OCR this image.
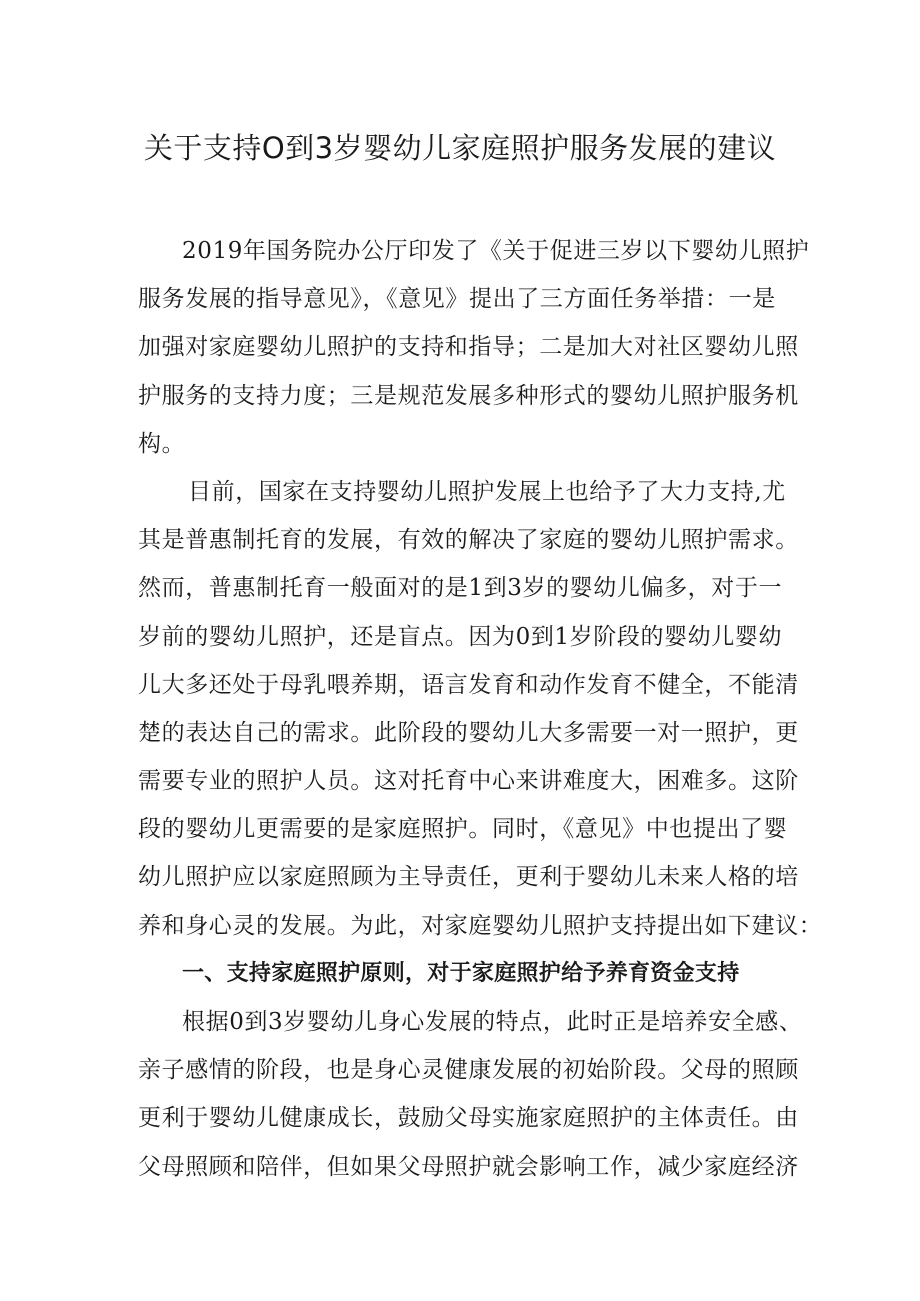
关于支持O到3岁婴幼儿家庭照护服务发展的建议
2019年国务院办公厅印发了《关于促进三岁以下婴幼儿照护
服务发展的指导意见》，《意见》提出了三方面任务举措：一是
加强对家庭婴幼儿照护的支持和指导；二是加大对社区婴幼儿照
护服务的支持力度；三是规范发展多种形式的婴幼儿照护服务机
构。
目前，国家在支持婴幼儿照护发展上也给予了大力支持,尤
其是普惠制托育的发展，有效的解决了家庭的婴幼儿照护需求。
然而，普惠制托育一般面对的是1到3岁的婴幼儿偏多，对于一
岁前的婴幼儿照护，还是盲点。因为0到1岁阶段的婴幼儿婴幼
儿大多还处于母乳喂养期，语言发育和动作发育不健全，不能清
楚的表达自己的需求。此阶段的婴幼儿大多需要一对一照护，更
需要专业的照护人员。这对托育中心来讲难度大，困难多。这阶
段的婴幼儿更需要的是家庭照护。同时，《意见》中也提出了婴
幼儿照护应以家庭照顾为主导责任，更利于婴幼儿未来人格的培
养和身心灵的发展。为此，对家庭婴幼儿照护支持提出如下建议：
一、支持家庭照护原则，对于家庭照护给予养育资金支持
根据0到3岁婴幼儿身心发展的特点，此时正是培养安全感、
亲子感情的阶段，也是身心灵健康发展的初始阶段。父母的照顾
更利于婴幼儿健康成长，鼓励父母实施家庭照护的主体责任。由
父母照顾和陪伴，但如果父母照护就会影响工作，减少家庭经济
